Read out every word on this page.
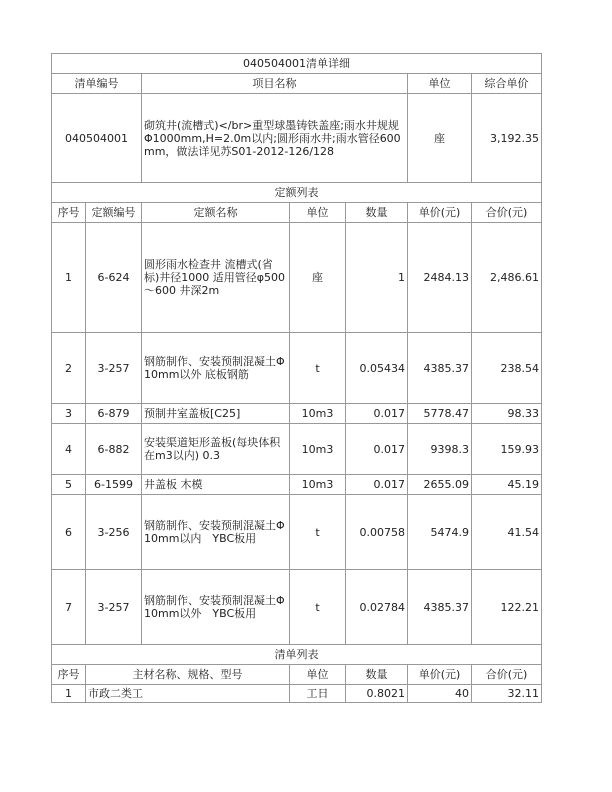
040504001清单详细						
清单编号		项目名称			单位	综合单价
040504001		砌筑井(流槽式)</br>重型球墨铸铁盖座;雨水井规规Φ1000mm,H=2.0m以内;圆形雨水井;雨水管径600mm，做法详见苏S01-2012-126/128			座	3,192.35
定额列表						
序号	定额编号	定额名称	单位	数量	单价(元)	合价(元)
1	6-624	圆形雨水检查井 流槽式(省标)井径1000 适用管径φ500～600 井深2m	座	1	2484.13	2,486.61
2	3-257	钢筋制作、安装预制混凝土Φ10mm以外 底板钢筋	t	0.05434	4385.37	238.54
3	6-879	预制井室盖板[C25]	10m3	0.017	5778.47	98.33
4	6-882	安装渠道矩形盖板(每块体积在m3以内) 0.3	10m3	0.017	9398.3	159.93
5	6-1599	井盖板 木模	10m3	0.017	2655.09	45.19
6	3-256	钢筋制作、安装预制混凝土Φ10mm以内　YBC板用	t	0.00758	5474.9	41.54
7	3-257	钢筋制作、安装预制混凝土Φ10mm以外　YBC板用	t	0.02784	4385.37	122.21
清单列表						
序号	主材名称、规格、型号		单位	数量	单价(元)	合价(元)
1	市政二类工		工日	0.8021	40	32.11
